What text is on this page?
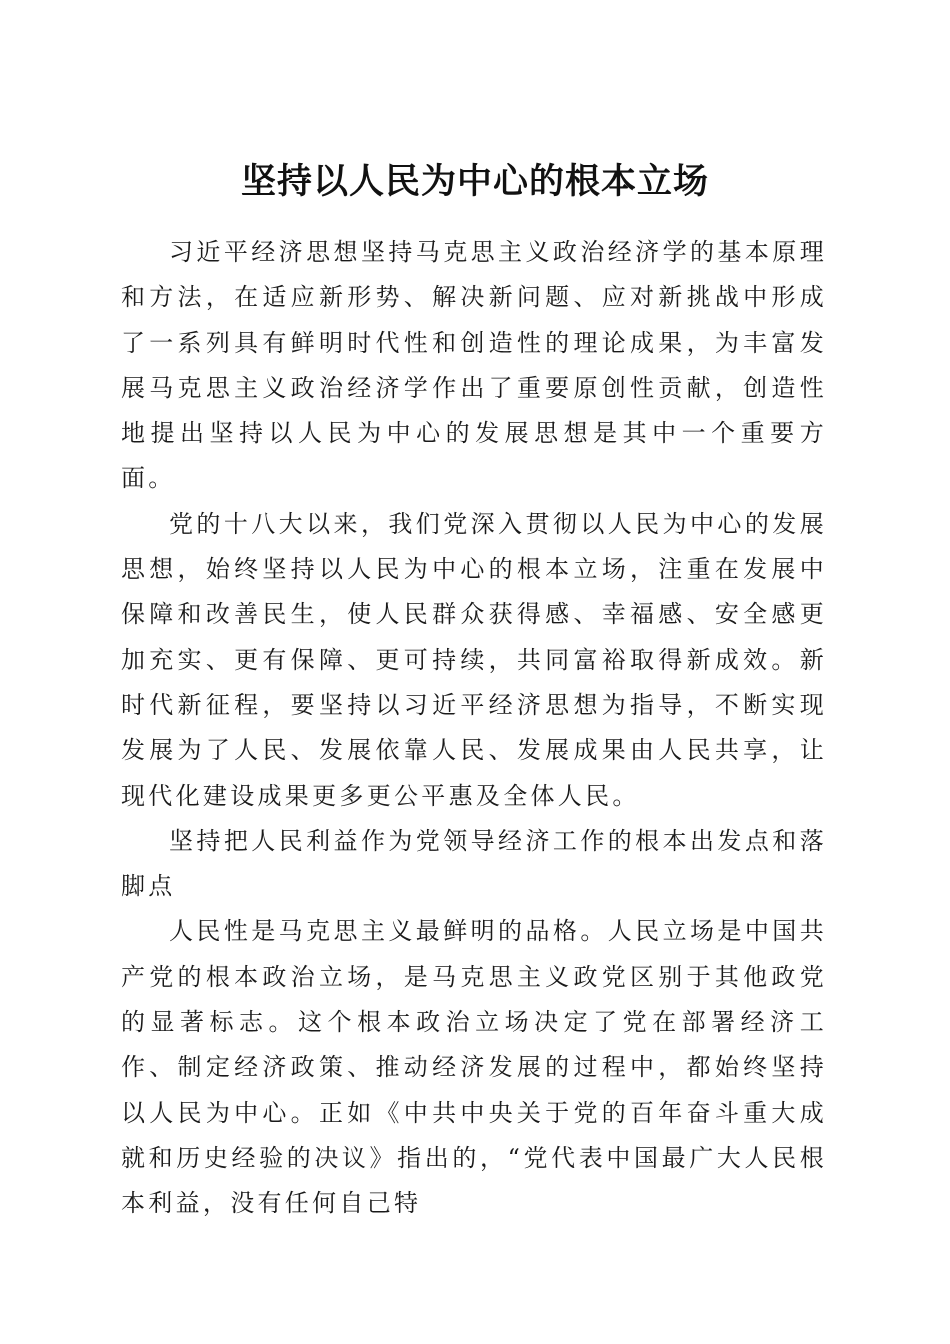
坚持以人民为中心的根本立场

习近平经济思想坚持马克思主义政治经济学的基本原理和方法，在适应新形势、解决新问题、应对新挑战中形成了一系列具有鲜明时代性和创造性的理论成果，为丰富发展马克思主义政治经济学作出了重要原创性贡献，创造性地提出坚持以人民为中心的发展思想是其中一个重要方面。

党的十八大以来，我们党深入贯彻以人民为中心的发展思想，始终坚持以人民为中心的根本立场，注重在发展中保障和改善民生，使人民群众获得感、幸福感、安全感更加充实、更有保障、更可持续，共同富裕取得新成效。新时代新征程，要坚持以习近平经济思想为指导，不断实现发展为了人民、发展依靠人民、发展成果由人民共享，让现代化建设成果更多更公平惠及全体人民。

坚持把人民利益作为党领导经济工作的根本出发点和落脚点

人民性是马克思主义最鲜明的品格。人民立场是中国共产党的根本政治立场，是马克思主义政党区别于其他政党的显著标志。这个根本政治立场决定了党在部署经济工作、制定经济政策、推动经济发展的过程中，都始终坚持以人民为中心。正如《中共中央关于党的百年奋斗重大成就和历史经验的决议》指出的，“党代表中国最广大人民根本利益，没有任何自己特
